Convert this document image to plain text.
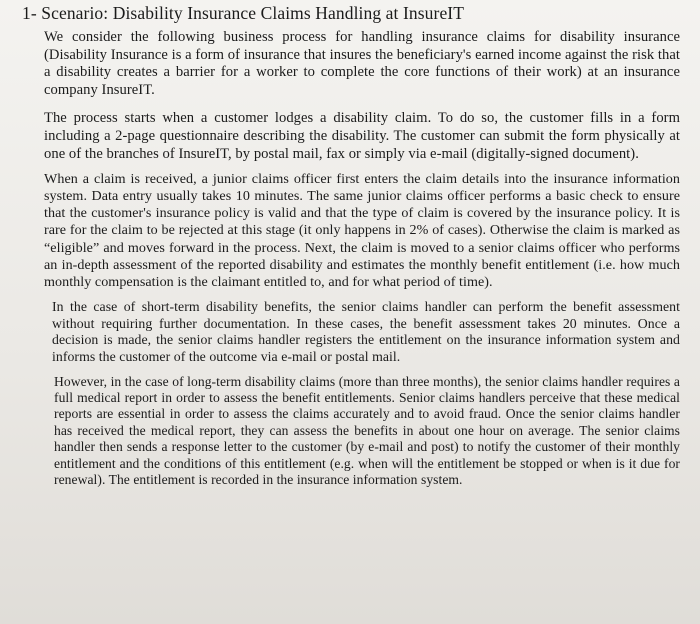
1- Scenario: Disability Insurance Claims Handling at InsureIT

We consider the following business process for handling insurance claims for disability insurance (Disability Insurance is a form of insurance that insures the beneficiary's earned income against the risk that a disability creates a barrier for a worker to complete the core functions of their work) at an insurance company InsureIT.

The process starts when a customer lodges a disability claim. To do so, the customer fills in a form including a 2-page questionnaire describing the disability. The customer can submit the form physically at one of the branches of InsureIT, by postal mail, fax or simply via e-mail (digitally-signed document).

When a claim is received, a junior claims officer first enters the claim details into the insurance information system. Data entry usually takes 10 minutes. The same junior claims officer performs a basic check to ensure that the customer's insurance policy is valid and that the type of claim is covered by the insurance policy. It is rare for the claim to be rejected at this stage (it only happens in 2% of cases). Otherwise the claim is marked as “eligible” and moves forward in the process. Next, the claim is moved to a senior claims officer who performs an in-depth assessment of the reported disability and estimates the monthly benefit entitlement (i.e. how much monthly compensation is the claimant entitled to, and for what period of time).

In the case of short-term disability benefits, the senior claims handler can perform the benefit assessment without requiring further documentation. In these cases, the benefit assessment takes 20 minutes. Once a decision is made, the senior claims handler registers the entitlement on the insurance information system and informs the customer of the outcome via e-mail or postal mail.

However, in the case of long-term disability claims (more than three months), the senior claims handler requires a full medical report in order to assess the benefit entitlements. Senior claims handlers perceive that these medical reports are essential in order to assess the claims accurately and to avoid fraud. Once the senior claims handler has received the medical report, they can assess the benefits in about one hour on average. The senior claims handler then sends a response letter to the customer (by e-mail and post) to notify the customer of their monthly entitlement and the conditions of this entitlement (e.g. when will the entitlement be stopped or when is it due for renewal). The entitlement is recorded in the insurance information system.
